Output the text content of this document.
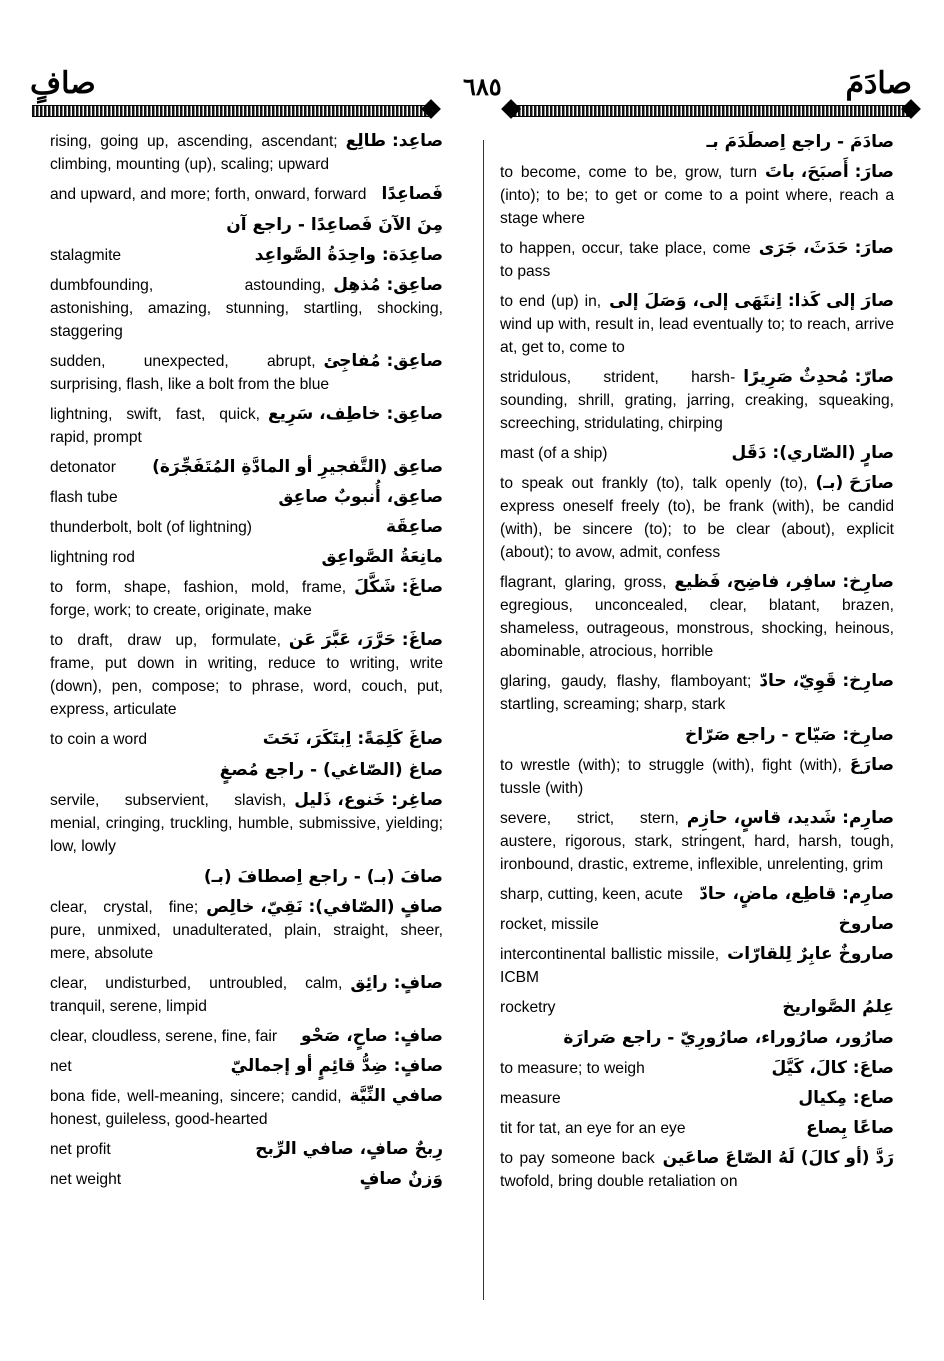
صافٍ	٦٨٥	صادَمَ
صاعِد: طالِع
rising, going up, ascending, ascendant; climbing, mounting (up), scaling; upward
فَصاعِدًا
and upward, and more; forth, onward, forward
مِنَ الآنَ فَصاعِدًا - راجع آن
صاعِدَة: واحِدَةُ الصَّواعِد
stalagmite
صاعِق: مُذهِل
dumbfounding, astounding, astonishing, amazing, stunning, startling, shocking, staggering
صاعِق: مُفاجِئ
sudden, unexpected, abrupt, surprising, flash, like a bolt from the blue
صاعِق: خاطِف، سَرِيع
lightning, swift, fast, quick, rapid, prompt
صاعِق (التَّفجيرِ أو المادَّةِ المُتَفَجِّرَة)
detonator
صاعِق، أُنبوبٌ صاعِق
flash tube
صاعِقَة
thunderbolt, bolt (of lightning)
مانِعَةُ الصَّواعِق
lightning rod
صاغَ: شَكَّلَ
to form, shape, fashion, mold, frame, forge, work; to create, originate, make
صاغَ: حَرَّرَ، عَبَّرَ عَن
to draft, draw up, formulate, frame, put down in writing, reduce to writing, write (down), pen, compose; to phrase, word, couch, put, express, articulate
صاغَ كَلِمَةً: اِبتَكَرَ، نَحَتَ
to coin a word
صاغ (الصّاغي) - راجع مُصغٍ
صاغِر: خَنوع، ذَليل
servile, subservient, slavish, menial, cringing, truckling, humble, submissive, yielding; low, lowly
صافَ (بـ) - راجع اِصطافَ (بـ)
صافٍ (الصّافي): نَقِيّ، خالِص
clear, crystal, fine; pure, unmixed, unadulterated, plain, straight, sheer, mere, absolute
صافٍ: رائِق
clear, undisturbed, untroubled, calm, tranquil, serene, limpid
صافٍ: صاحٍ، صَحْو
clear, cloudless, serene, fine, fair
صافٍ: ضِدُّ قائِمٍ أو إجماليّ
net
صافي النِّيَّة
bona fide, well-meaning, sincere; candid, honest, guileless, good-hearted
رِبحٌ صافٍ، صافي الرِّبح
net profit
وَزنٌ صافٍ
net weight
صادَمَ - راجع اِصطَدَمَ بـ
صارَ: أَصبَحَ، باتَ
to become, come to be, grow, turn (into); to be; to get or come to a point where, reach a stage where
صارَ: حَدَثَ، جَرَى
to happen, occur, take place, come to pass
صارَ إلى كَذا: اِنتَهَى إلى، وَصَلَ إلى
to end (up) in, wind up with, result in, lead eventually to; to reach, arrive at, get to, come to
صارّ: مُحدِثٌ صَرِيرًا
stridulous, strident, harsh-sounding, shrill, grating, jarring, creaking, squeaking, screeching, stridulating, chirping
صارٍ (الصّاري): دَقَل
mast (of a ship)
صارَحَ (بـ)
to speak out frankly (to), talk openly (to), express oneself freely (to), be frank (with), be candid (with), be sincere (to); to be clear (about), explicit (about); to avow, admit, confess
صارِخ: سافِر، فاضِح، فَظيع
flagrant, glaring, gross, egregious, unconcealed, clear, blatant, brazen, shameless, outrageous, monstrous, shocking, heinous, abominable, atrocious, horrible
صارِخ: قَوِيّ، حادّ
glaring, gaudy, flashy, flamboyant; startling, screaming; sharp, stark
صارِخ: صَيّاح - راجع صَرّاخ
صارَعَ
to wrestle (with); to struggle (with), fight (with), tussle (with)
صارِم: شَديد، قاسٍ، حازِم
severe, strict, stern, austere, rigorous, stark, stringent, hard, harsh, tough, ironbound, drastic, extreme, inflexible, unrelenting, grim
صارِم: قاطِع، ماضٍ، حادّ
sharp, cutting, keen, acute
صاروخ
rocket, missile
صاروخٌ عابِرٌ لِلقارّات
intercontinental ballistic missile, ICBM
عِلمُ الصَّواريخ
rocketry
صارُور، صارُوراء، صارُورِيّ - راجع صَرارَة
صاعَ: كالَ، كَيَّلَ
to measure; to weigh
صاع: مِكيال
measure
صاعًا بِصاع
tit for tat, an eye for an eye
رَدَّ (أو كالَ) لَهُ الصّاعَ صاعَين
to pay someone back twofold, bring double retaliation on
